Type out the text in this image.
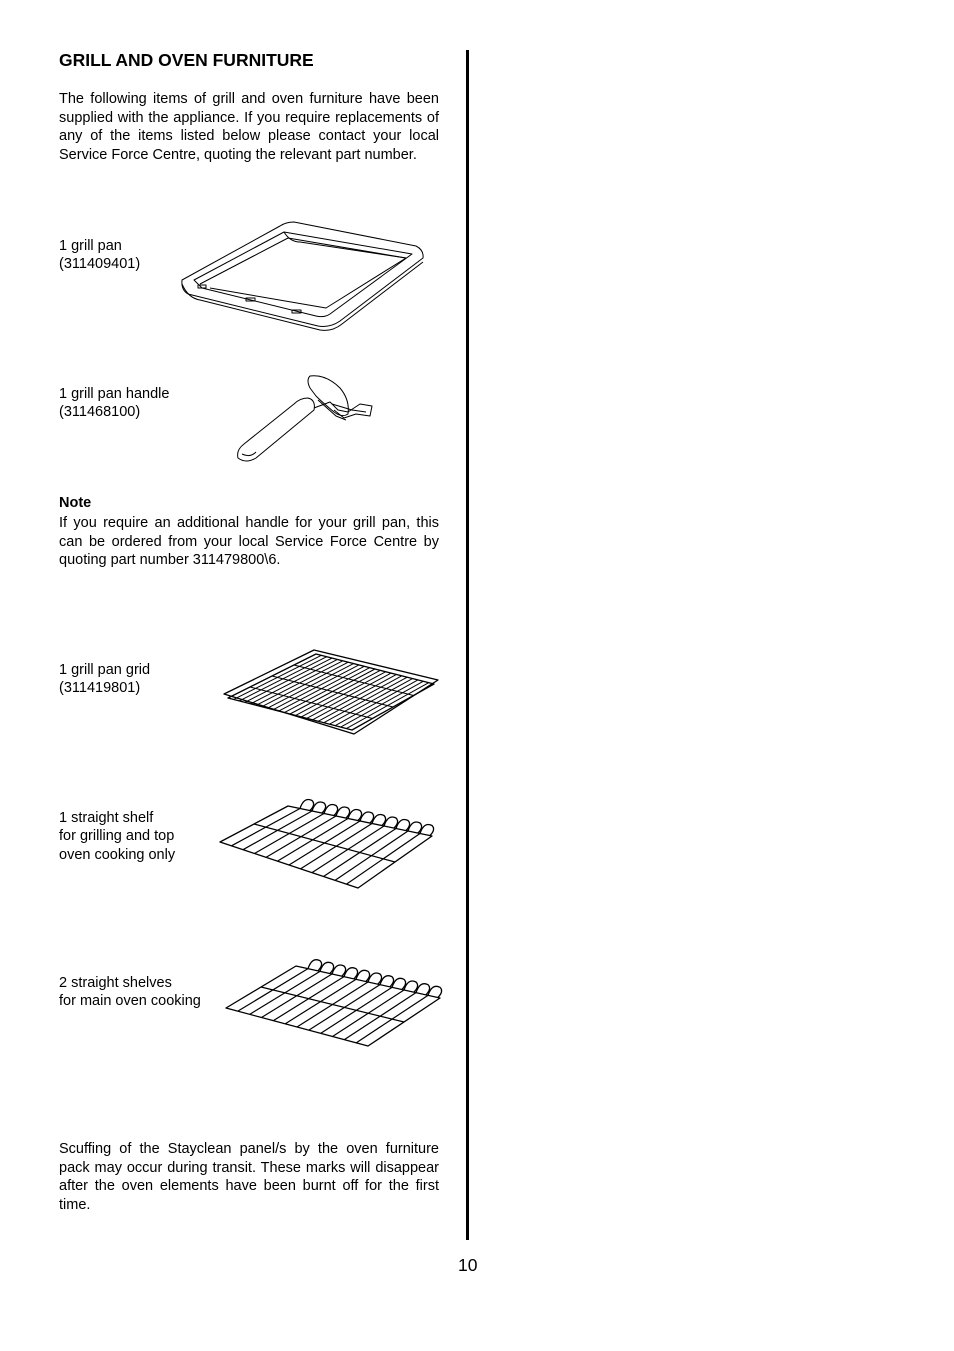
GRILL AND OVEN FURNITURE

The following items of grill and oven furniture have been supplied with the appliance. If you require replacements of any of the items listed below please contact your local Service Force Centre, quoting the relevant part number.

1 grill pan
(311409401)
1 grill pan handle
(311468100)
Note

If you require an additional handle for your grill pan, this can be ordered from your local Service Force Centre by quoting part number 311479800\6.

1 grill pan grid
(311419801)
1 straight shelf
for grilling and top
oven cooking only
2 straight shelves
for main oven cooking

Scuffing of the Stayclean panel/s by the oven furniture pack may occur during transit. These marks will disappear after the oven elements have been burnt off for the first time.

10
